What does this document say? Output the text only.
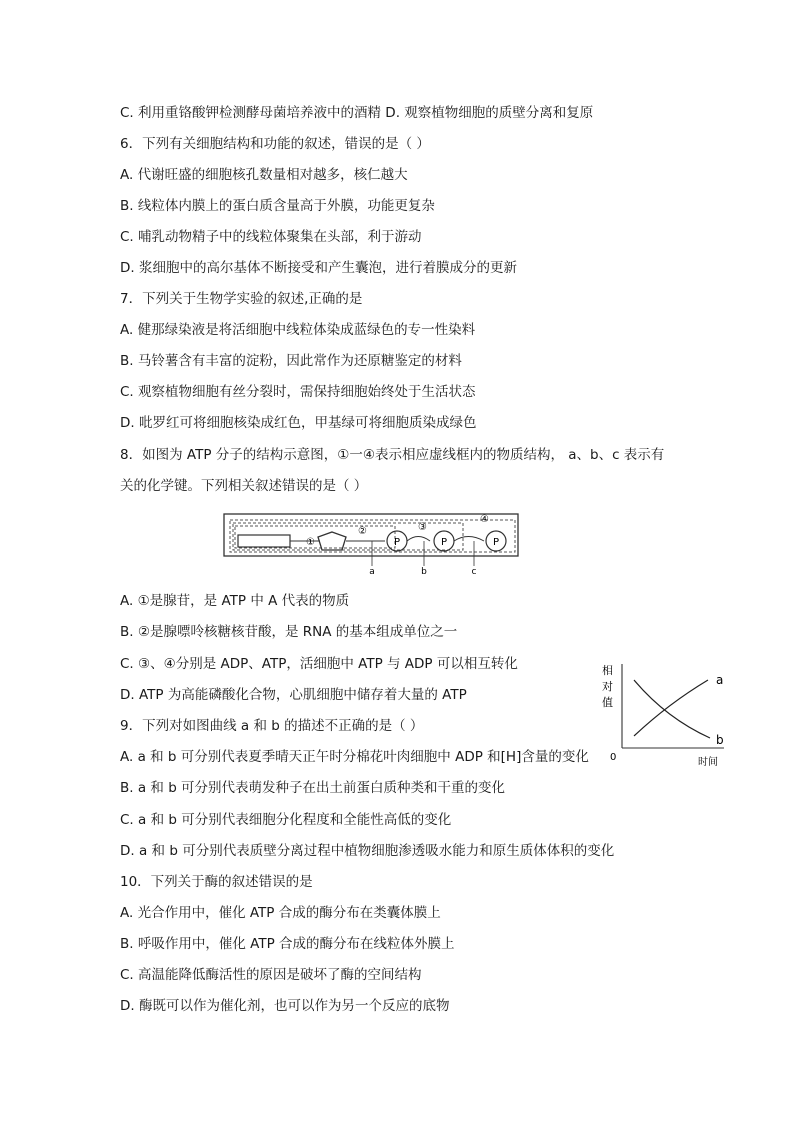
C. 利用重铬酸钾检测酵母菌培养液中的酒精 D. 观察植物细胞的质壁分离和复原
6．下列有关细胞结构和功能的叙述，错误的是（ ）
A. 代谢旺盛的细胞核孔数量相对越多，核仁越大
B. 线粒体内膜上的蛋白质含量高于外膜，功能更复杂
C. 哺乳动物精子中的线粒体聚集在头部，利于游动
D. 浆细胞中的高尔基体不断接受和产生囊泡，进行着膜成分的更新
7．下列关于生物学实验的叙述,正确的是
A. 健那绿染液是将活细胞中线粒体染成蓝绿色的专一性染料
B. 马铃薯含有丰富的淀粉，因此常作为还原糖鉴定的材料
C. 观察植物细胞有丝分裂时，需保持细胞始终处于生活状态
D. 吡罗红可将细胞核染成红色，甲基绿可将细胞质染成绿色
8．如图为 ATP 分子的结构示意图，①一④表示相应虚线框内的物质结构， a、b、c 表示有
关的化学键。下列相关叙述错误的是（ ）
①
②
P
③
P
④
P
a	b	c
A. ①是腺苷，是 ATP 中 A 代表的物质
B. ②是腺嘌呤核糖核苷酸，是 RNA 的基本组成单位之一
C. ③、④分别是 ADP、ATP，活细胞中 ATP 与 ADP 可以相互转化
D. ATP 为高能磷酸化合物，心肌细胞中储存着大量的 ATP
9．下列对如图曲线 a 和 b 的描述不正确的是（ ）
A. a 和 b 可分别代表夏季晴天正午时分棉花叶肉细胞中 ADP 和[H]含量的变化
B. a 和 b 可分别代表萌发种子在出土前蛋白质种类和干重的变化
C. a 和 b 可分别代表细胞分化程度和全能性高低的变化
D. a 和 b 可分别代表质壁分离过程中植物细胞渗透吸水能力和原生质体体积的变化
10．下列关于酶的叙述错误的是
A. 光合作用中，催化 ATP 合成的酶分布在类囊体膜上
B. 呼吸作用中，催化 ATP 合成的酶分布在线粒体外膜上
C. 高温能降低酶活性的原因是破坏了酶的空间结构
D. 酶既可以作为催化剂，也可以作为另一个反应的底物
相
对
值
0	时间
a
b
